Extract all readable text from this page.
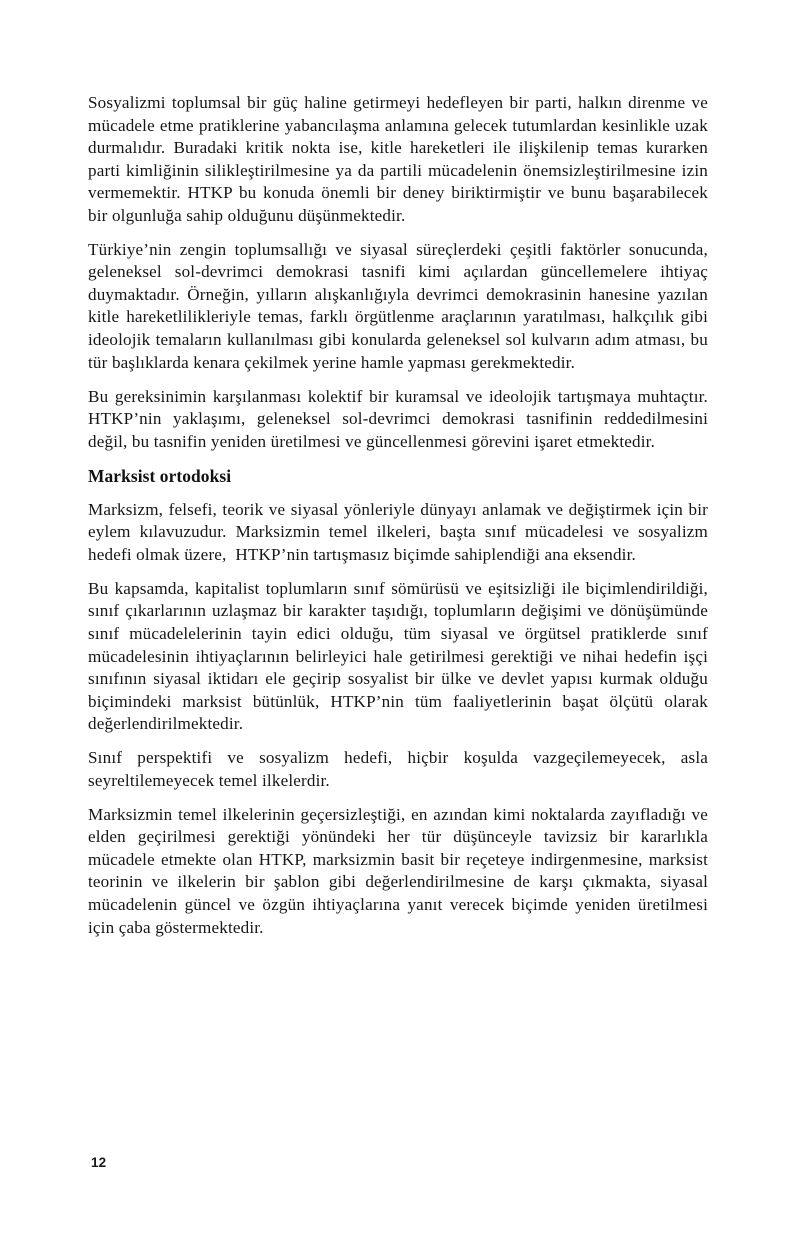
Sosyalizmi toplumsal bir güç haline getirmeyi hedefleyen bir parti, halkın direnme ve mücadele etme pratiklerine yabancılaşma anlamına gelecek tutumlardan kesinlikle uzak durmalıdır. Buradaki kritik nokta ise, kitle hareketleri ile ilişkilenip temas kurarken parti kimliğinin silikleştirilmesine ya da partili mücadelenin önemsizleştirilmesine izin vermemektir. HTKP bu konuda önemli bir deney biriktirmiştir ve bunu başarabilecek bir olgunluğa sahip olduğunu düşünmektedir.

Türkiye’nin zengin toplumsallığı ve siyasal süreçlerdeki çeşitli faktörler sonucunda, geleneksel sol-devrimci demokrasi tasnifi kimi açılardan güncellemelere ihtiyaç duymaktadır. Örneğin, yılların alışkanlığıyla devrimci demokrasinin hanesine yazılan kitle hareketlilikleriyle temas, farklı örgütlenme araçlarının yaratılması, halkçılık gibi ideolojik temaların kullanılması gibi konularda geleneksel sol kulvarın adım atması, bu tür başlıklarda kenara çekilmek yerine hamle yapması gerekmektedir.

Bu gereksinimin karşılanması kolektif bir kuramsal ve ideolojik tartışmaya muhtaçtır. HTKP’nin yaklaşımı, geleneksel sol-devrimci demokrasi tasnifinin reddedilmesini değil, bu tasnifin yeniden üretilmesi ve güncellenmesi görevini işaret etmektedir.

Marksist ortodoksi

Marksizm, felsefi, teorik ve siyasal yönleriyle dünyayı anlamak ve değiştirmek için bir eylem kılavuzudur. Marksizmin temel ilkeleri, başta sınıf mücadelesi ve sosyalizm hedefi olmak üzere,  HTKP’nin tartışmasız biçimde sahiplendiği ana eksendir.

Bu kapsamda, kapitalist toplumların sınıf sömürüsü ve eşitsizliği ile biçimlendirildiği, sınıf çıkarlarının uzlaşmaz bir karakter taşıdığı, toplumların değişimi ve dönüşümünde sınıf mücadelelerinin tayin edici olduğu, tüm siyasal ve örgütsel pratiklerde sınıf mücadelesinin ihtiyaçlarının belirleyici hale getirilmesi gerektiği ve nihai hedefin işçi sınıfının siyasal iktidarı ele geçirip sosyalist bir ülke ve devlet yapısı kurmak olduğu biçimindeki marksist bütünlük, HTKP’nin tüm faaliyetlerinin başat ölçütü olarak değerlendirilmektedir.

Sınıf perspektifi ve sosyalizm hedefi, hiçbir koşulda vazgeçilemeyecek, asla seyreltilemeyecek temel ilkelerdir.

Marksizmin temel ilkelerinin geçersizleştiği, en azından kimi noktalarda zayıfladığı ve elden geçirilmesi gerektiği yönündeki her tür düşünceyle tavizsiz bir kararlıkla mücadele etmekte olan HTKP, marksizmin basit bir reçeteye indirgenmesine, marksist teorinin ve ilkelerin bir şablon gibi değerlendirilmesine de karşı çıkmakta, siyasal mücadelenin güncel ve özgün ihtiyaçlarına yanıt verecek biçimde yeniden üretilmesi için çaba göstermektedir.

12
